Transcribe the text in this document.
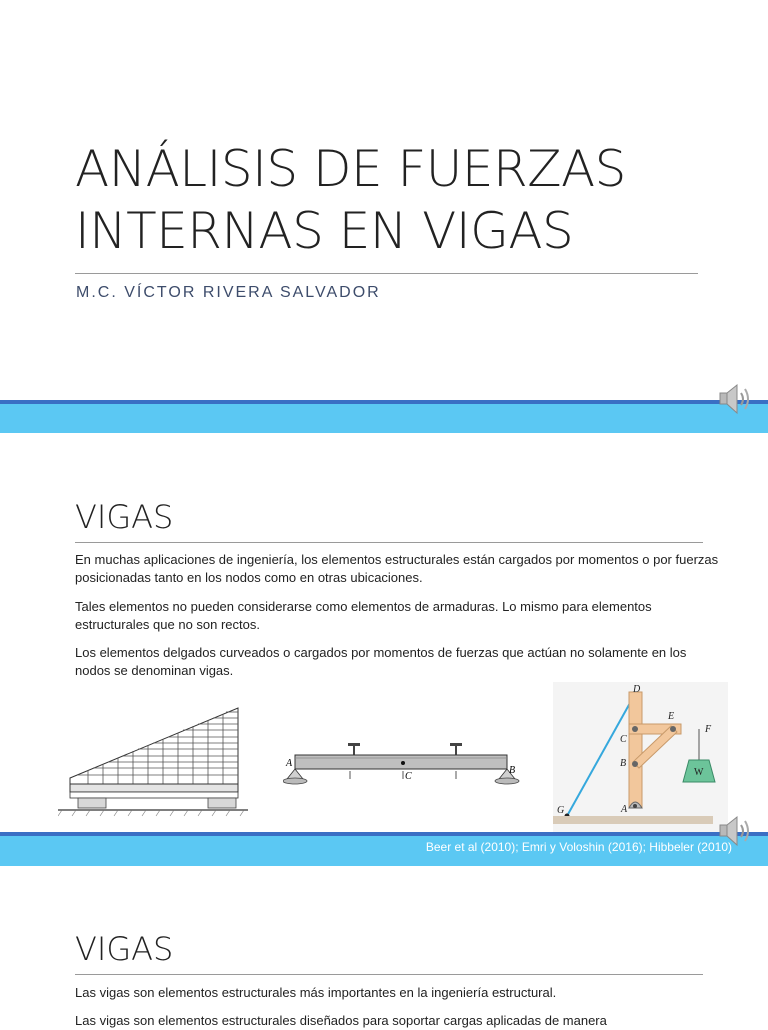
ANÁLISIS DE FUERZAS
INTERNAS EN VIGAS
M.C. VÍCTOR RIVERA SALVADOR
VIGAS
En muchas aplicaciones de ingeniería, los elementos estructurales están cargados por momentos o por fuerzas posicionadas tanto en los nodos como en otras ubicaciones.
Tales elementos no pueden considerarse como elementos de armaduras. Lo mismo para elementos estructurales que no son rectos.
Los elementos delgados curveados o cargados por momentos de fuerzas que actúan no solamente en los nodos se denominan vigas.
A
B
C
D
E
F
C
B
G	A
W
Beer et al (2010); Emri y Voloshin (2016); Hibbeler (2010)
VIGAS
Las vigas son elementos estructurales más importantes en la ingeniería estructural.
Las vigas son elementos estructurales diseñados para soportar cargas aplicadas de manera
